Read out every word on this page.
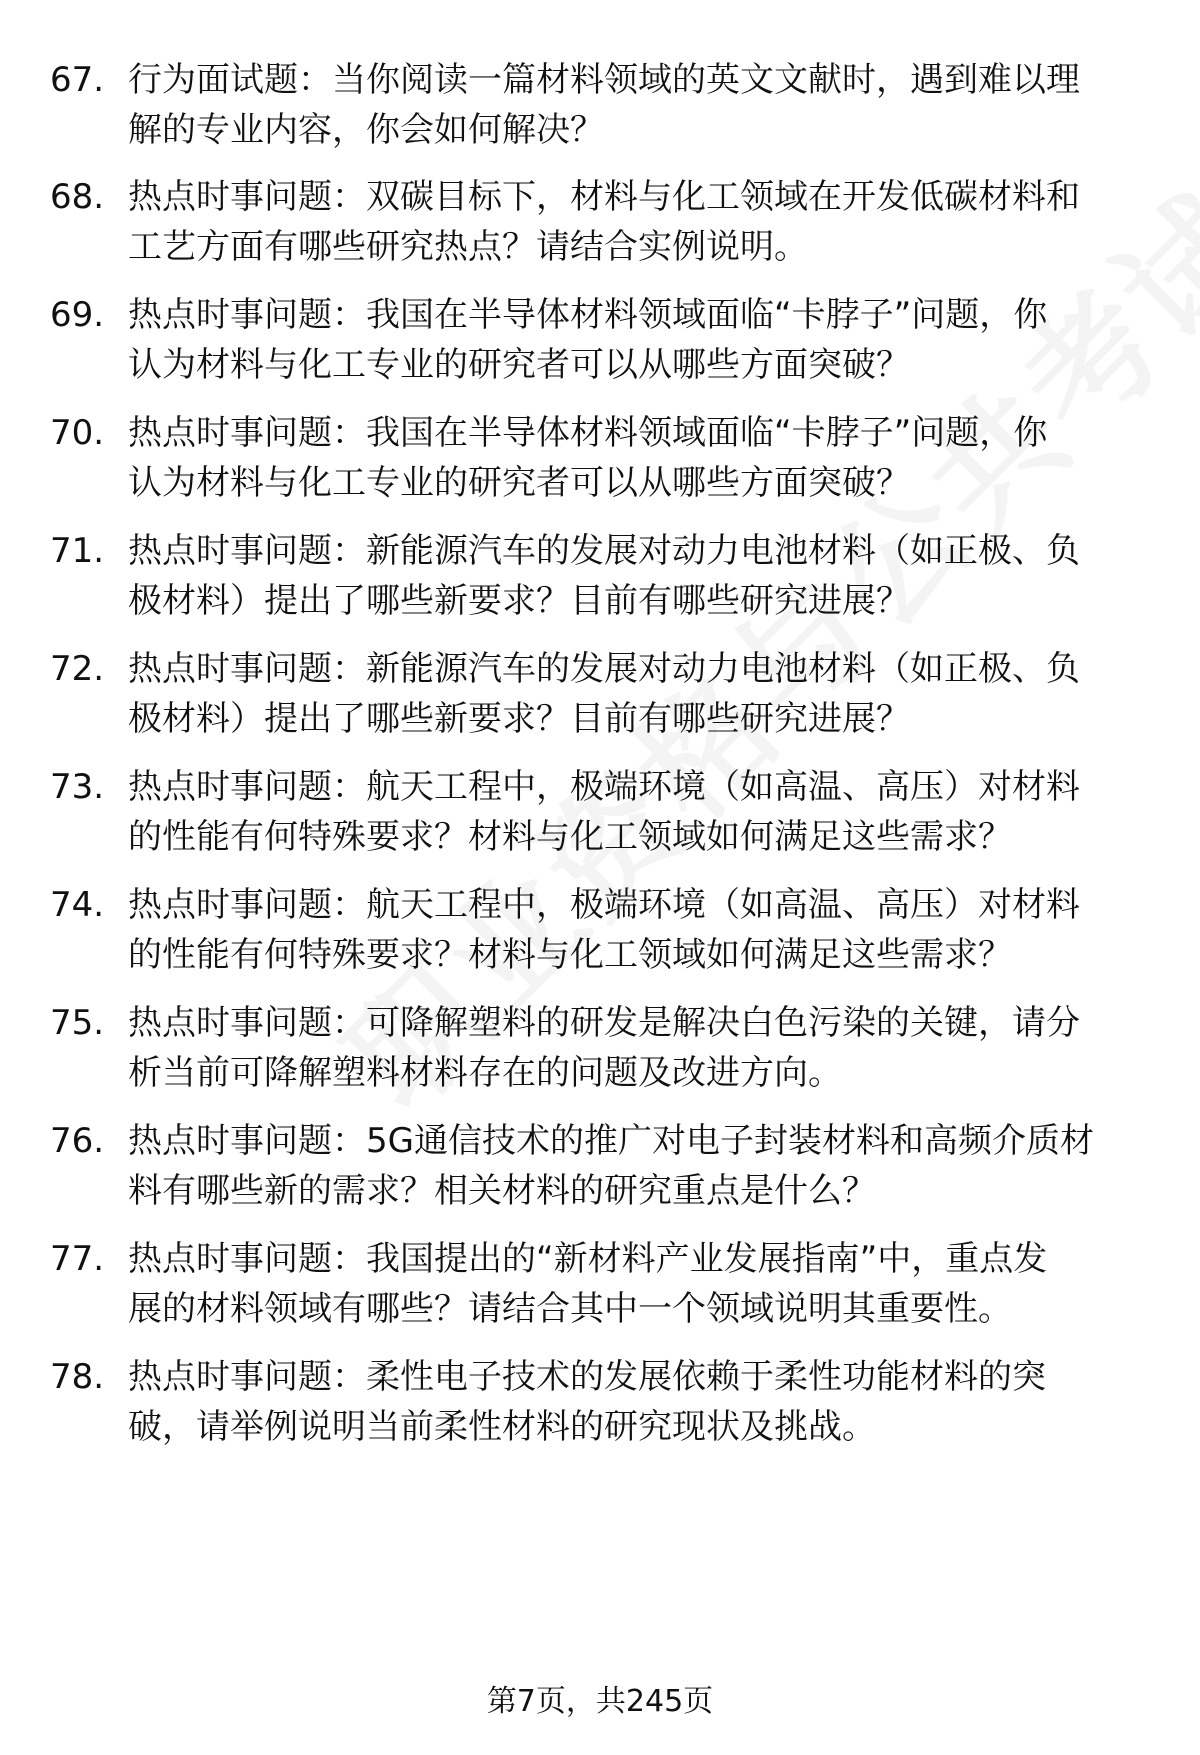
67. 行为面试题：当你阅读一篇材料领域的英文文献时，遇到难以理
解的专业内容，你会如何解决？
68. 热点时事问题：双碳目标下，材料与化工领域在开发低碳材料和
工艺方面有哪些研究热点？请结合实例说明。
69. 热点时事问题：我国在半导体材料领域面临“卡脖子”问题，你
认为材料与化工专业的研究者可以从哪些方面突破？
70. 热点时事问题：我国在半导体材料领域面临“卡脖子”问题，你
认为材料与化工专业的研究者可以从哪些方面突破？
71. 热点时事问题：新能源汽车的发展对动力电池材料（如正极、负
极材料）提出了哪些新要求？目前有哪些研究进展？
72. 热点时事问题：新能源汽车的发展对动力电池材料（如正极、负
极材料）提出了哪些新要求？目前有哪些研究进展？
73. 热点时事问题：航天工程中，极端环境（如高温、高压）对材料
的性能有何特殊要求？材料与化工领域如何满足这些需求？
74. 热点时事问题：航天工程中，极端环境（如高温、高压）对材料
的性能有何特殊要求？材料与化工领域如何满足这些需求？
75. 热点时事问题：可降解塑料的研发是解决白色污染的关键，请分
析当前可降解塑料材料存在的问题及改进方向。
76. 热点时事问题：5G通信技术的推广对电子封装材料和高频介质材
料有哪些新的需求？相关材料的研究重点是什么？
77. 热点时事问题：我国提出的“新材料产业发展指南”中，重点发
展的材料领域有哪些？请结合其中一个领域说明其重要性。
78. 热点时事问题：柔性电子技术的发展依赖于柔性功能材料的突
破，请举例说明当前柔性材料的研究现状及挑战。
第7页，共245页
